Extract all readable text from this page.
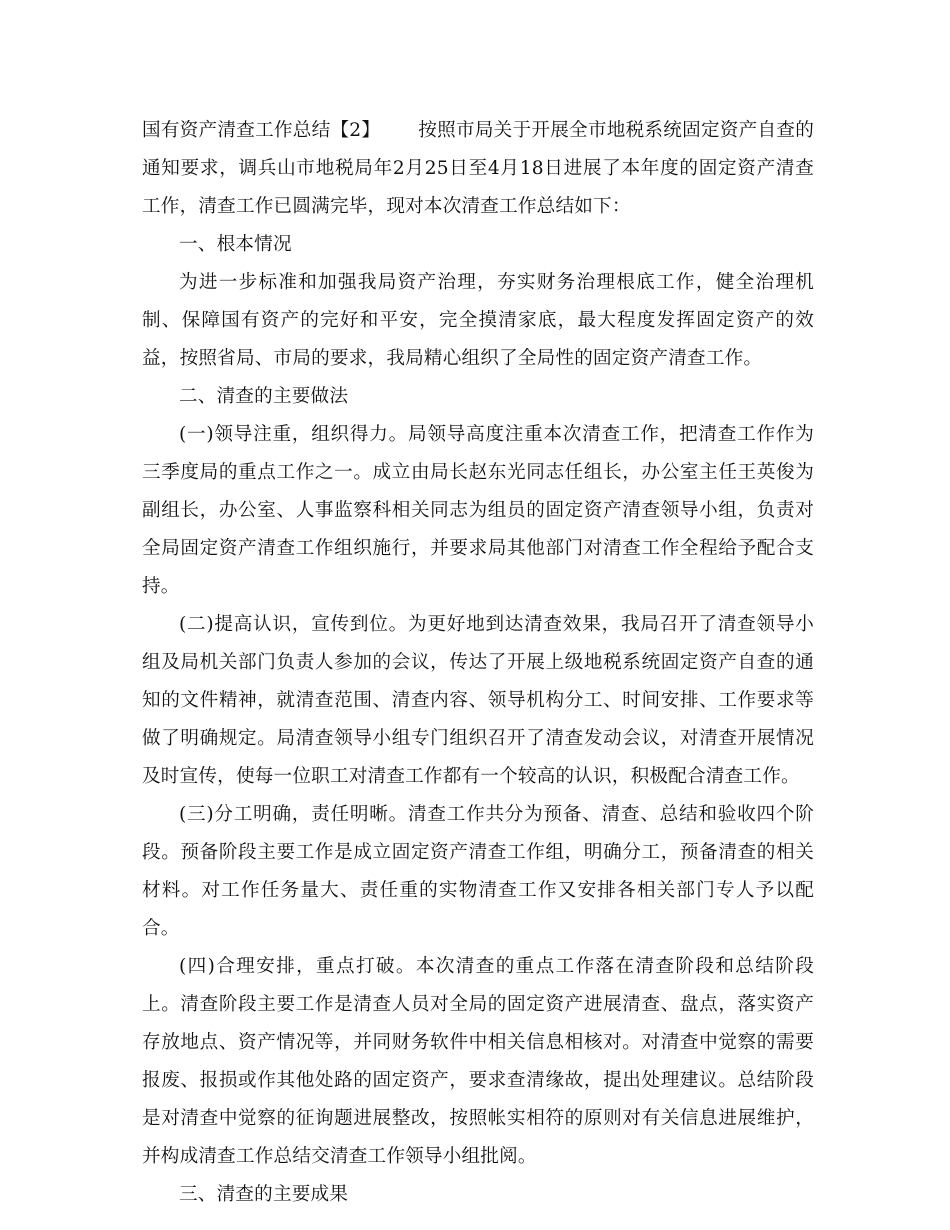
国有资产清查工作总结【2】 按照市局关于开展全市地税系统固定资产自查的通知要求，调兵山市地税局年2月25日至4月18日进展了本年度的固定资产清查工作，清查工作已圆满完毕，现对本次清查工作总结如下：

一、根本情况

为进一步标准和加强我局资产治理，夯实财务治理根底工作，健全治理机制、保障国有资产的完好和平安，完全摸清家底，最大程度发挥固定资产的效益，按照省局、市局的要求，我局精心组织了全局性的固定资产清查工作。

二、清查的主要做法

(一)领导注重，组织得力。局领导高度注重本次清查工作，把清查工作作为三季度局的重点工作之一。成立由局长赵东光同志任组长，办公室主任王英俊为副组长，办公室、人事监察科相关同志为组员的固定资产清查领导小组，负责对全局固定资产清查工作组织施行，并要求局其他部门对清查工作全程给予配合支持。

(二)提高认识，宣传到位。为更好地到达清查效果，我局召开了清查领导小组及局机关部门负责人参加的会议，传达了开展上级地税系统固定资产自查的通知的文件精神，就清查范围、清查内容、领导机构分工、时间安排、工作要求等做了明确规定。局清查领导小组专门组织召开了清查发动会议，对清查开展情况及时宣传，使每一位职工对清查工作都有一个较高的认识，积极配合清查工作。

(三)分工明确，责任明晰。清查工作共分为预备、清查、总结和验收四个阶段。预备阶段主要工作是成立固定资产清查工作组，明确分工，预备清查的相关材料。对工作任务量大、责任重的实物清查工作又安排各相关部门专人予以配合。

(四)合理安排，重点打破。本次清查的重点工作落在清查阶段和总结阶段上。清查阶段主要工作是清查人员对全局的固定资产进展清查、盘点，落实资产存放地点、资产情况等，并同财务软件中相关信息相核对。对清查中觉察的需要报废、报损或作其他处路的固定资产，要求查清缘故，提出处理建议。总结阶段是对清查中觉察的征询题进展整改，按照帐实相符的原则对有关信息进展维护，并构成清查工作总结交清查工作领导小组批阅。

三、清查的主要成果
